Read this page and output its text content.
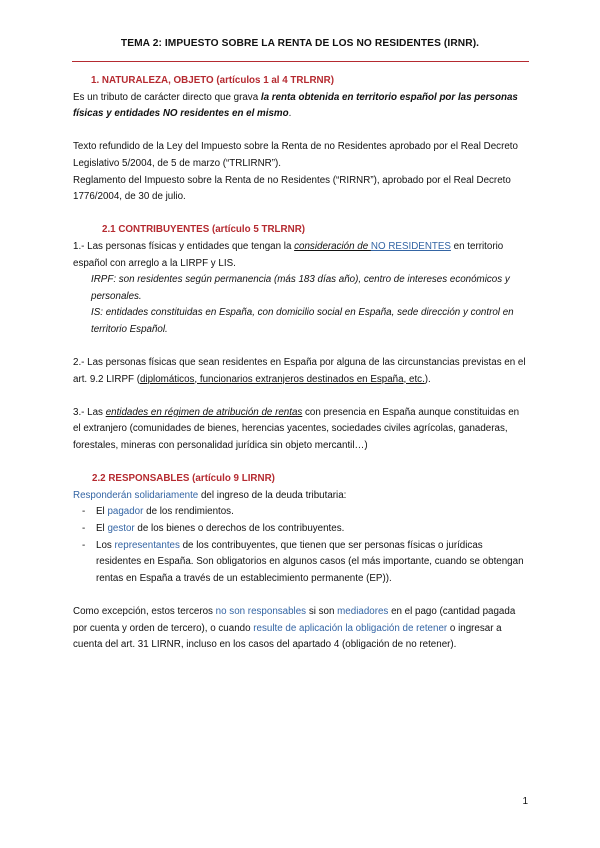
TEMA 2: IMPUESTO SOBRE LA RENTA DE LOS NO RESIDENTES (IRNR).

1. NATURALEZA, OBJETO (artículos 1 al 4 TRLRNR)

Es un tributo de carácter directo que grava la renta obtenida en territorio español por las personas físicas y entidades NO residentes en el mismo.

Texto refundido de la Ley del Impuesto sobre la Renta de no Residentes aprobado por el Real Decreto Legislativo 5/2004, de 5 de marzo (“TRLIRNR”).

Reglamento del Impuesto sobre la Renta de no Residentes (“RIRNR”), aprobado por el Real Decreto 1776/2004, de 30 de julio.

2.1 CONTRIBUYENTES (artículo 5 TRLRNR)

1.- Las personas físicas y entidades que tengan la consideración de NO RESIDENTES en territorio español con arreglo a la LIRPF y LIS.

IRPF: son residentes según permanencia (más 183 días año), centro de intereses económicos y personales.

IS: entidades constituidas en España, con domicilio social en España, sede dirección y control en territorio Español.

2.- Las personas físicas que sean residentes en España por alguna de las circunstancias previstas en el art. 9.2 LIRPF (diplomáticos, funcionarios extranjeros destinados en España, etc.).

3.- Las entidades en régimen de atribución de rentas con presencia en España aunque constituidas en el extranjero (comunidades de bienes, herencias yacentes, sociedades civiles agrícolas, ganaderas, forestales, mineras con personalidad jurídica sin objeto mercantil…)

2.2 RESPONSABLES (artículo 9 LIRNR)

Responderán solidariamente del ingreso de la deuda tributaria:

- El pagador de los rendimientos.
- El gestor de los bienes o derechos de los contribuyentes.
- Los representantes de los contribuyentes, que tienen que ser personas físicas o jurídicas residentes en España. Son obligatorios en algunos casos (el más importante, cuando se obtengan rentas en España a través de un establecimiento permanente (EP)).

Como excepción, estos terceros no son responsables si son mediadores en el pago (cantidad pagada por cuenta y orden de tercero), o cuando resulte de aplicación la obligación de retener o ingresar a cuenta del art. 31 LIRNR, incluso en los casos del apartado 4 (obligación de no retener).

1
